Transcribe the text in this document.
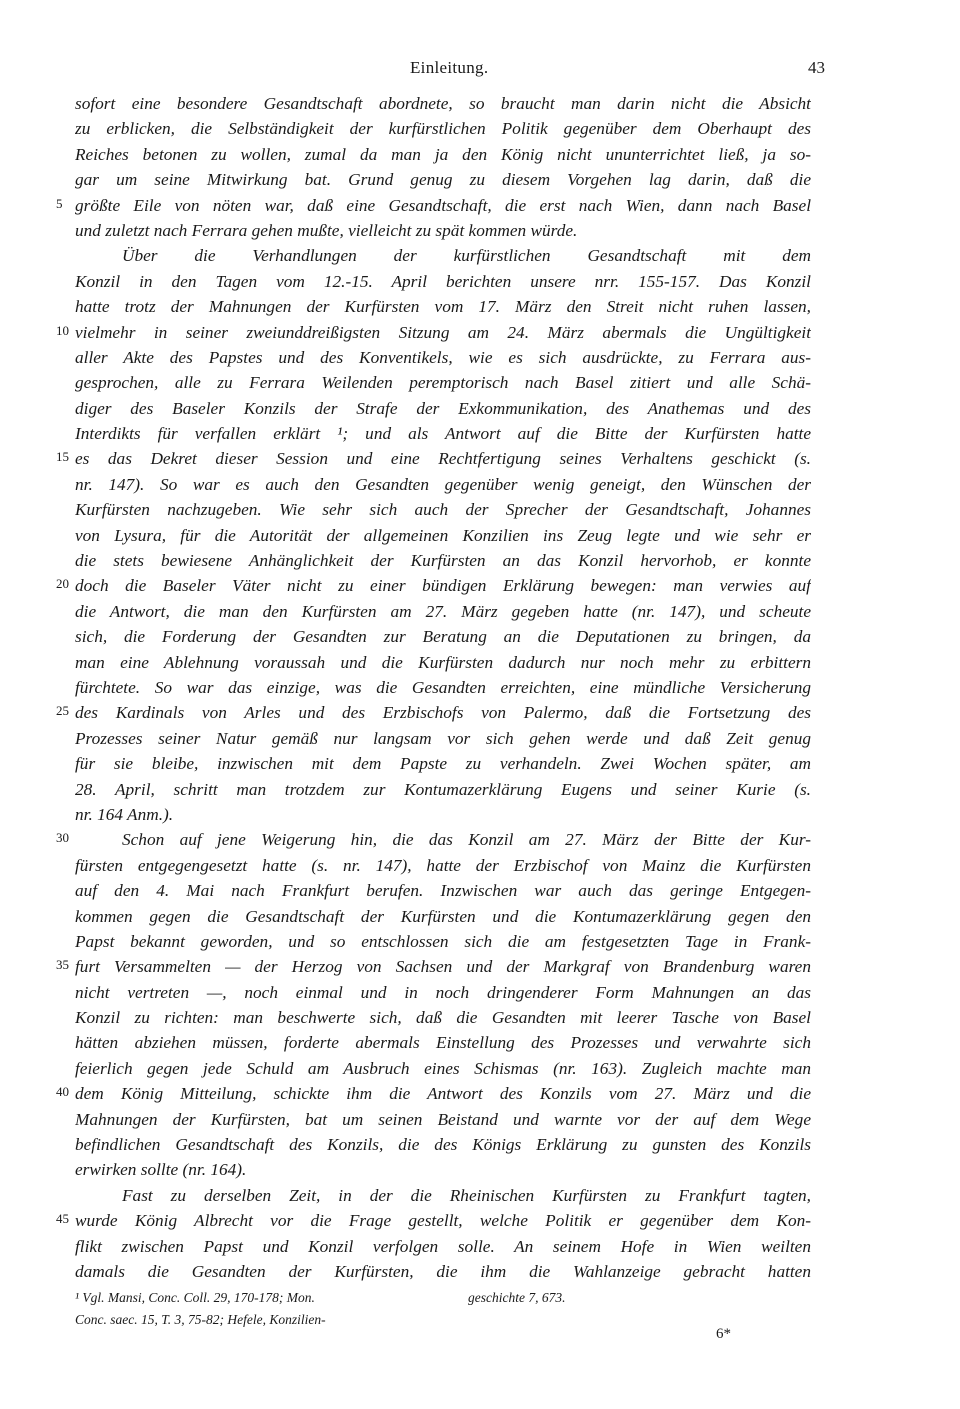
Einleitung.	43
sofort eine besondere Gesandtschaft abordnete, so braucht man darin nicht die Absicht
zu erblicken, die Selbständigkeit der kurfürstlichen Politik gegenüber dem Oberhaupt des
Reiches betonen zu wollen, zumal da man ja den König nicht ununterrichtet ließ, ja so-
gar um seine Mitwirkung bat. Grund genug zu diesem Vorgehen lag darin, daß die
5 größte Eile von nöten war, daß eine Gesandtschaft, die erst nach Wien, dann nach Basel
und zuletzt nach Ferrara gehen mußte, vielleicht zu spät kommen würde.
Über die Verhandlungen der kurfürstlichen Gesandtschaft mit dem
Konzil in den Tagen vom 12.-15. April berichten unsere nrr. 155-157. Das Konzil
hatte trotz der Mahnungen der Kurfürsten vom 17. März den Streit nicht ruhen lassen,
10 vielmehr in seiner zweiunddreißigsten Sitzung am 24. März abermals die Ungültigkeit
aller Akte des Papstes und des Konventikels, wie es sich ausdrückte, zu Ferrara aus-
gesprochen, alle zu Ferrara Weilenden peremptorisch nach Basel zitiert und alle Schä-
diger des Baseler Konzils der Strafe der Exkommunikation, des Anathemas und des
Interdikts für verfallen erklärt ¹; und als Antwort auf die Bitte der Kurfürsten hatte
15 es das Dekret dieser Session und eine Rechtfertigung seines Verhaltens geschickt (s.
nr. 147). So war es auch den Gesandten gegenüber wenig geneigt, den Wünschen der
Kurfürsten nachzugeben. Wie sehr sich auch der Sprecher der Gesandtschaft, Johannes
von Lysura, für die Autorität der allgemeinen Konzilien ins Zeug legte und wie sehr er
die stets bewiesene Anhänglichkeit der Kurfürsten an das Konzil hervorhob, er konnte
20 doch die Baseler Väter nicht zu einer bündigen Erklärung bewegen: man verwies auf
die Antwort, die man den Kurfürsten am 27. März gegeben hatte (nr. 147), und scheute
sich, die Forderung der Gesandten zur Beratung an die Deputationen zu bringen, da
man eine Ablehnung voraussah und die Kurfürsten dadurch nur noch mehr zu erbittern
fürchtete. So war das einzige, was die Gesandten erreichten, eine mündliche Versicherung
25 des Kardinals von Arles und des Erzbischofs von Palermo, daß die Fortsetzung des
Prozesses seiner Natur gemäß nur langsam vor sich gehen werde und daß Zeit genug
für sie bleibe, inzwischen mit dem Papste zu verhandeln. Zwei Wochen später, am
28. April, schritt man trotzdem zur Kontumazerklärung Eugens und seiner Kurie (s.
nr. 164 Anm.).
30	Schon auf jene Weigerung hin, die das Konzil am 27. März der Bitte der Kur-
fürsten entgegengesetzt hatte (s. nr. 147), hatte der Erzbischof von Mainz die Kurfürsten
auf den 4. Mai nach Frankfurt berufen. Inzwischen war auch das geringe Entgegen-
kommen gegen die Gesandtschaft der Kurfürsten und die Kontumazerklärung gegen den
Papst bekannt geworden, und so entschlossen sich die am festgesetzten Tage in Frank-
35 furt Versammelten — der Herzog von Sachsen und der Markgraf von Brandenburg waren
nicht vertreten —, noch einmal und in noch dringenderer Form Mahnungen an das
Konzil zu richten: man beschwerte sich, daß die Gesandten mit leerer Tasche von Basel
hätten abziehen müssen, forderte abermals Einstellung des Prozesses und verwahrte sich
feierlich gegen jede Schuld am Ausbruch eines Schismas (nr. 163). Zugleich machte man
40 dem König Mitteilung, schickte ihm die Antwort des Konzils vom 27. März und die
Mahnungen der Kurfürsten, bat um seinen Beistand und warnte vor der auf dem Wege
befindlichen Gesandtschaft des Konzils, die des Königs Erklärung zu gunsten des Konzils
erwirken sollte (nr. 164).
Fast zu derselben Zeit, in der die Rheinischen Kurfürsten zu Frankfurt tagten,
45 wurde König Albrecht vor die Frage gestellt, welche Politik er gegenüber dem Kon-
flikt zwischen Papst und Konzil verfolgen solle. An seinem Hofe in Wien weilten
damals die Gesandten der Kurfürsten, die ihm die Wahlanzeige gebracht hatten
¹ Vgl. Mansi, Conc. Coll. 29, 170-178; Mon.	geschichte 7, 673.
Conc. saec. 15, T. 3, 75-82; Hefele, Konzilien-
6*
